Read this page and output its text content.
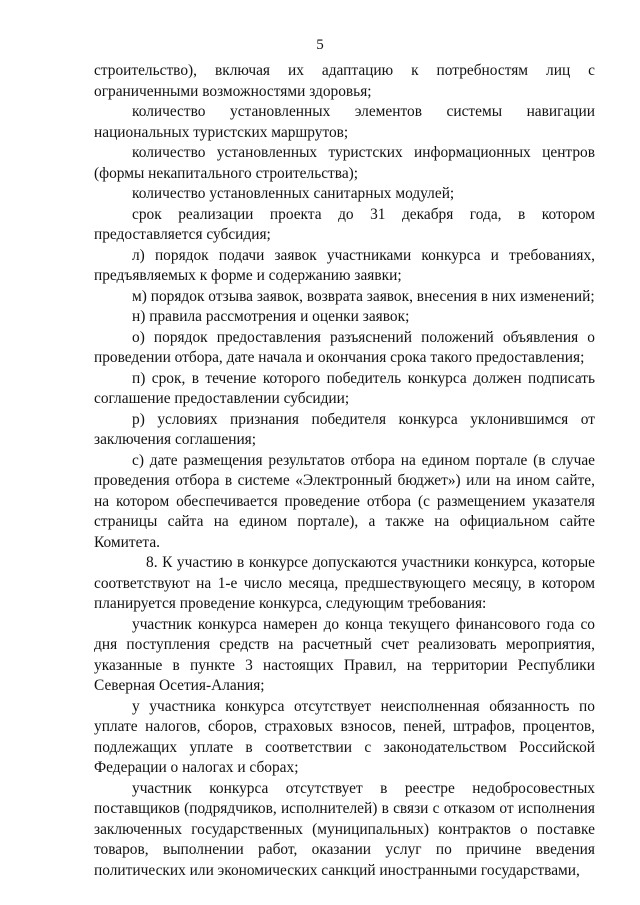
5

строительство), включая их адаптацию к потребностям лиц с ограниченными возможностями здоровья;

количество установленных элементов системы навигации национальных туристских маршрутов;

количество установленных туристских информационных центров (формы некапитального строительства);

количество установленных санитарных модулей;

срок реализации проекта до 31 декабря года, в котором предоставляется субсидия;

л) порядок подачи заявок участниками конкурса и требованиях, предъявляемых к форме и содержанию заявки;

м) порядок отзыва заявок, возврата заявок, внесения в них изменений;

н) правила рассмотрения и оценки заявок;

о) порядок предоставления разъяснений положений объявления о проведении отбора, дате начала и окончания срока такого предоставления;

п) срок, в течение которого победитель конкурса должен подписать соглашение предоставлении субсидии;

р) условиях признания победителя конкурса уклонившимся от заключения соглашения;

с) дате размещения результатов отбора на едином портале (в случае проведения отбора в системе «Электронный бюджет») или на ином сайте, на котором обеспечивается проведение отбора (с размещением указателя страницы сайта на едином портале), а также на официальном сайте Комитета.

8. К участию в конкурсе допускаются участники конкурса, которые соответствуют на 1-е число месяца, предшествующего месяцу, в котором планируется проведение конкурса, следующим требования:

участник конкурса намерен до конца текущего финансового года со дня поступления средств на расчетный счет реализовать мероприятия, указанные в пункте 3 настоящих Правил, на территории Республики Северная Осетия-Алания;

у участника конкурса отсутствует неисполненная обязанность по уплате налогов, сборов, страховых взносов, пеней, штрафов, процентов, подлежащих уплате в соответствии с законодательством Российской Федерации о налогах и сборах;

участник конкурса отсутствует в реестре недобросовестных поставщиков (подрядчиков, исполнителей) в связи с отказом от исполнения заключенных государственных (муниципальных) контрактов о поставке товаров, выполнении работ, оказании услуг по причине введения политических или экономических санкций иностранными государствами,
